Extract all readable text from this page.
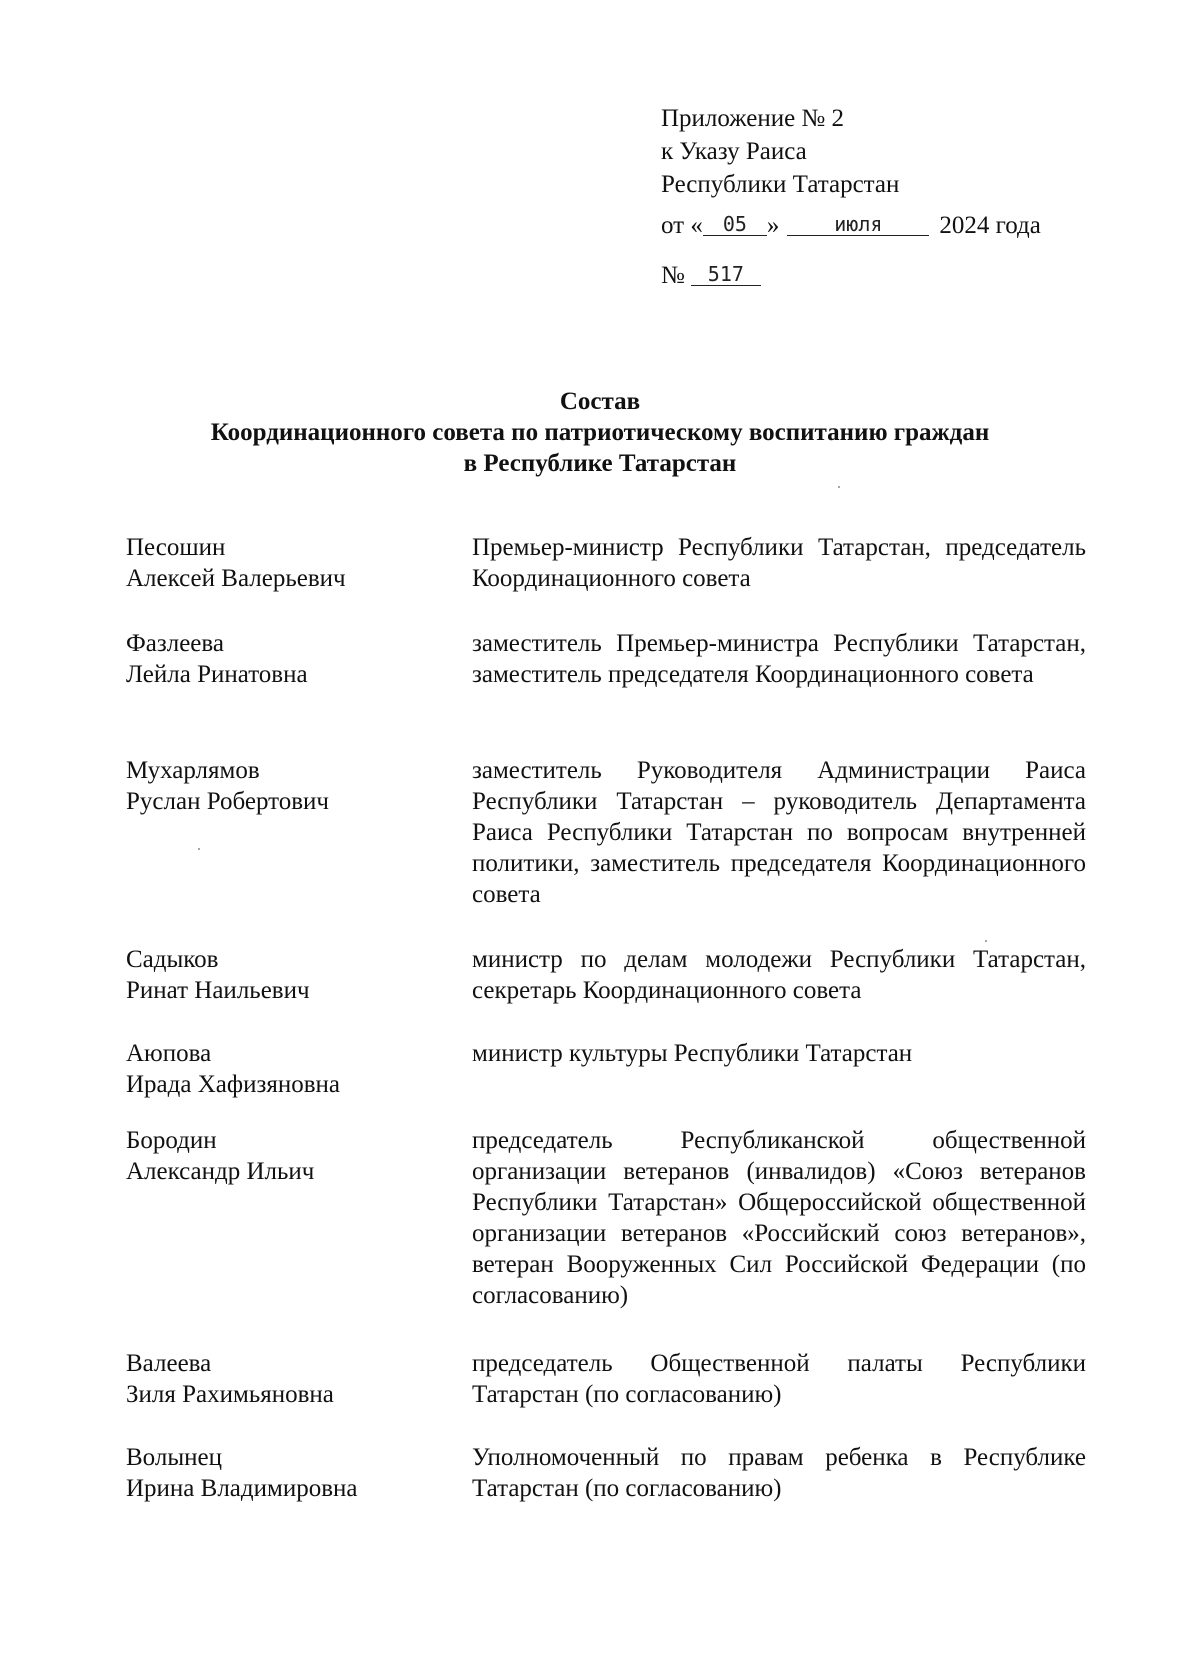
Приложение № 2
к Указу Раиса
Республики Татарстан
от « 05 »	июля 2024 года
№ 517
Состав
Координационного совета по патриотическому воспитанию граждан
в Республике Татарстан
Песошин
Алексей Валерьевич
Премьер-министр Республики Татарстан, председатель Координационного совета
Фазлеева
Лейла Ринатовна
заместитель Премьер-министра Республики Татарстан, заместитель председателя Координационного совета
Мухарлямов
Руслан Робертович
заместитель Руководителя Администрации Раиса Республики Татарстан – руководитель Департамента Раиса Республики Татарстан по вопросам внутренней политики, заместитель председателя Координационного совета
Садыков
Ринат Наильевич
министр по делам молодежи Республики Татарстан, секретарь Координационного совета
Аюпова
Ирада Хафизяновна
министр культуры Республики Татарстан
Бородин
Александр Ильич
председатель Республиканской общественной организации ветеранов (инвалидов) «Союз ветеранов Республики Татарстан» Общероссийской общественной организации ветеранов «Российский союз ветеранов», ветеран Вооруженных Сил Российской Федерации (по согласованию)
Валеева
Зиля Рахимьяновна
председатель Общественной палаты Республики Татарстан (по согласованию)
Волынец
Ирина Владимировна
Уполномоченный по правам ребенка в Республике Татарстан (по согласованию)
